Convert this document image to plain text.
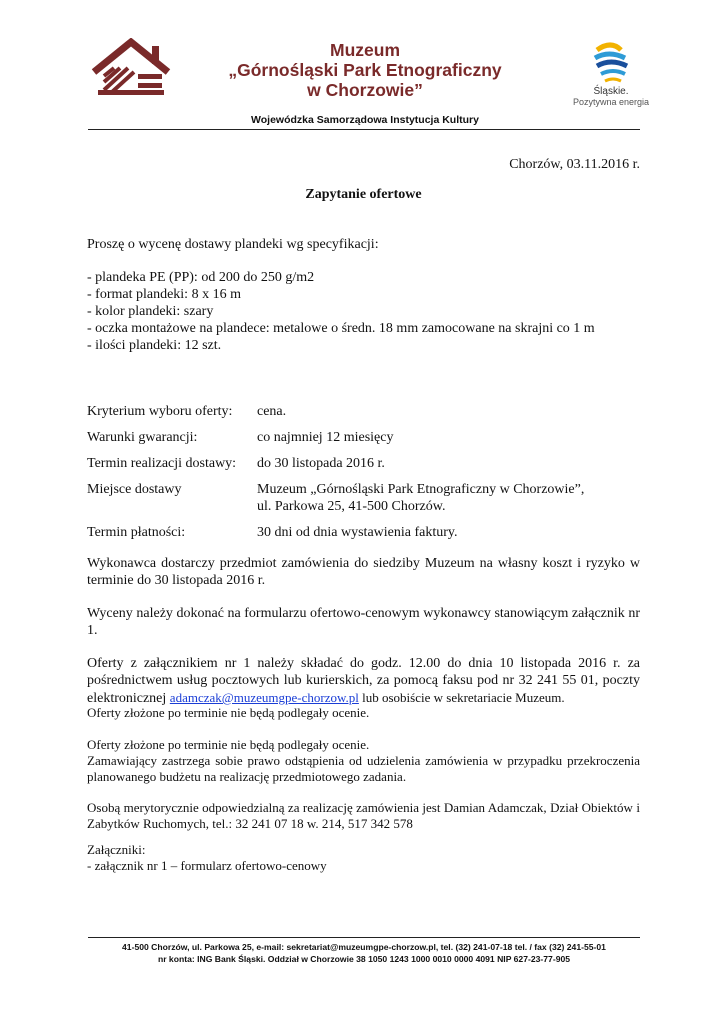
Muzeum
„Górnośląski Park Etnograficzny
w Chorzowie”	Śląskie.
Pozytywna energia
Wojewódzka Samorządowa Instytucja Kultury
Chorzów, 03.11.2016 r.
Zapytanie ofertowe
Proszę o wycenę dostawy plandeki wg specyfikacji:
- plandeka PE (PP): od 200 do 250 g/m2
- format plandeki: 8 x 16 m
- kolor plandeki: szary
- oczka montażowe na plandece: metalowe o średn. 18 mm zamocowane na skrajni co 1 m
- ilości plandeki: 12 szt.
Kryterium wyboru oferty:	cena.
Warunki gwarancji:	co najmniej 12 miesięcy
Termin realizacji dostawy:	do 30 listopada 2016 r.
Miejsce dostawy	Muzeum „Górnośląski Park Etnograficzny w Chorzowie”,
ul. Parkowa 25, 41-500 Chorzów.
Termin płatności:	30 dni od dnia wystawienia faktury.
Wykonawca dostarczy przedmiot zamówienia do siedziby Muzeum na własny koszt i ryzyko w terminie do 30 listopada 2016 r.
Wyceny należy dokonać na formularzu ofertowo-cenowym wykonawcy stanowiącym załącznik nr 1.
Oferty z załącznikiem nr 1 należy składać do godz. 12.00 do dnia 10 listopada 2016 r. za pośrednictwem usług pocztowych lub kurierskich, za pomocą faksu pod nr 32 241 55 01, poczty elektronicznej adamczak@muzeumgpe-chorzow.pl lub osobiście w sekretariacie Muzeum.
Oferty złożone po terminie nie będą podlegały ocenie.
Oferty złożone po terminie nie będą podlegały ocenie.
Zamawiający zastrzega sobie prawo odstąpienia od udzielenia zamówienia w przypadku przekroczenia planowanego budżetu na realizację przedmiotowego zadania.
Osobą merytorycznie odpowiedzialną za realizację zamówienia jest Damian Adamczak, Dział Obiektów i Zabytków Ruchomych, tel.: 32 241 07 18 w. 214, 517 342 578
Załączniki:
- załącznik nr 1 – formularz ofertowo-cenowy
41-500 Chorzów, ul. Parkowa 25, e-mail: sekretariat@muzeumgpe-chorzow.pl, tel. (32) 241-07-18 tel. / fax (32) 241-55-01
nr konta: ING Bank Śląski. Oddział w Chorzowie 38 1050 1243 1000 0010 0000 4091 NIP 627-23-77-905
